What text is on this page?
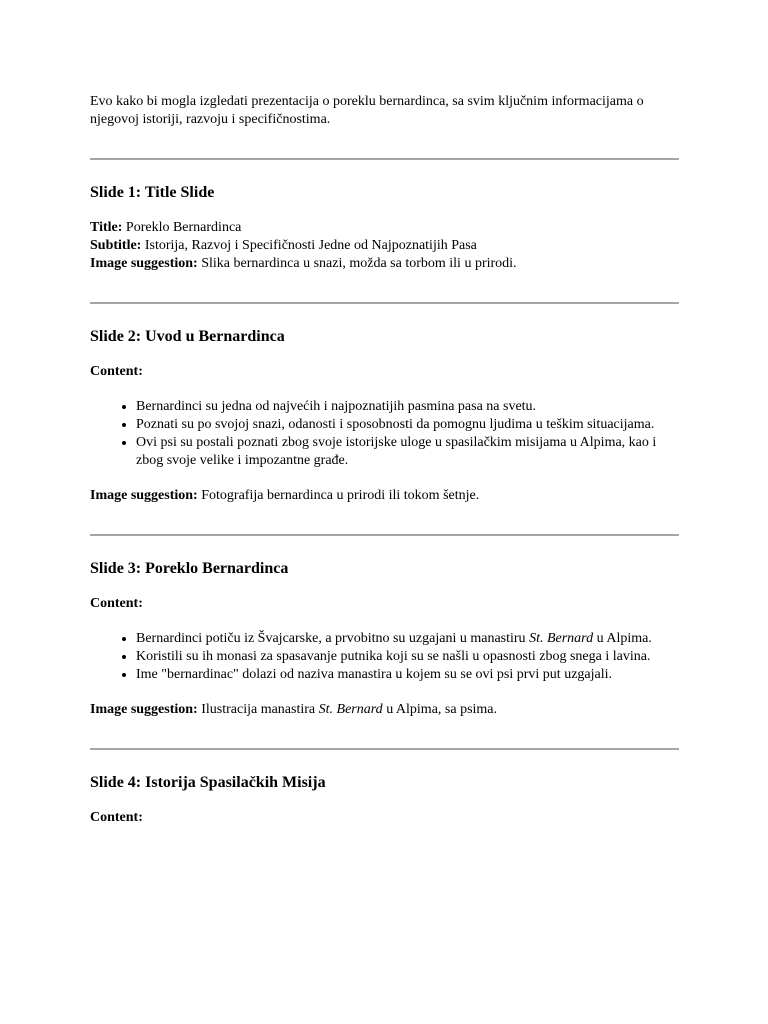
Evo kako bi mogla izgledati prezentacija o poreklu bernardinca, sa svim ključnim informacijama o njegovoj istoriji, razvoju i specifičnostima.

Slide 1: Title Slide

Title: Poreklo Bernardinca

Subtitle: Istorija, Razvoj i Specifičnosti Jedne od Najpoznatijih Pasa

Image suggestion: Slika bernardinca u snazi, možda sa torbom ili u prirodi.

Slide 2: Uvod u Bernardinca

Content:

• Bernardinci su jedna od najvećih i najpoznatijih pasmina pasa na svetu.
• Poznati su po svojoj snazi, odanosti i sposobnosti da pomognu ljudima u teškim situacijama.
• Ovi psi su postali poznati zbog svoje istorijske uloge u spasilačkim misijama u Alpima, kao i zbog svoje velike i impozantne građe.

Image suggestion: Fotografija bernardinca u prirodi ili tokom šetnje.

Slide 3: Poreklo Bernardinca

Content:

• Bernardinci potiču iz Švajcarske, a prvobitno su uzgajani u manastiru St. Bernard u Alpima.
• Koristili su ih monasi za spasavanje putnika koji su se našli u opasnosti zbog snega i lavina.
• Ime "bernardinac" dolazi od naziva manastira u kojem su se ovi psi prvi put uzgajali.

Image suggestion: Ilustracija manastira St. Bernard u Alpima, sa psima.

Slide 4: Istorija Spasilačkih Misija

Content:
